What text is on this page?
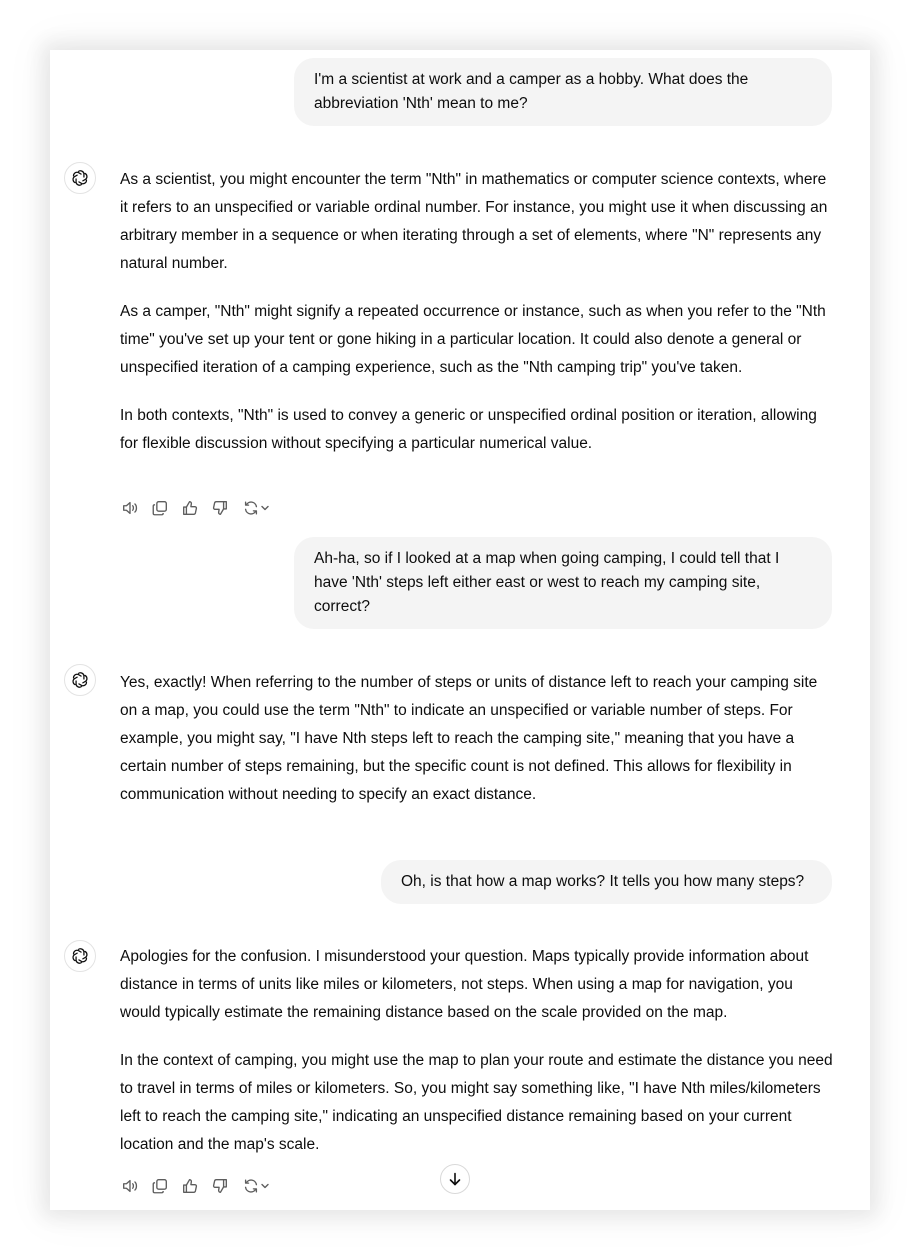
I'm a scientist at work and a camper as a hobby. What does the abbreviation 'Nth' mean to me?

As a scientist, you might encounter the term "Nth" in mathematics or computer science contexts, where it refers to an unspecified or variable ordinal number. For instance, you might use it when discussing an arbitrary member in a sequence or when iterating through a set of elements, where "N" represents any natural number.

As a camper, "Nth" might signify a repeated occurrence or instance, such as when you refer to the "Nth time" you've set up your tent or gone hiking in a particular location. It could also denote a general or unspecified iteration of a camping experience, such as the "Nth camping trip" you've taken.

In both contexts, "Nth" is used to convey a generic or unspecified ordinal position or iteration, allowing for flexible discussion without specifying a particular numerical value.

Ah-ha, so if I looked at a map when going camping, I could tell that I have 'Nth' steps left either east or west to reach my camping site, correct?

Yes, exactly! When referring to the number of steps or units of distance left to reach your camping site on a map, you could use the term "Nth" to indicate an unspecified or variable number of steps. For example, you might say, "I have Nth steps left to reach the camping site," meaning that you have a certain number of steps remaining, but the specific count is not defined. This allows for flexibility in communication without needing to specify an exact distance.

Oh, is that how a map works? It tells you how many steps?

Apologies for the confusion. I misunderstood your question. Maps typically provide information about distance in terms of units like miles or kilometers, not steps. When using a map for navigation, you would typically estimate the remaining distance based on the scale provided on the map.

In the context of camping, you might use the map to plan your route and estimate the distance you need to travel in terms of miles or kilometers. So, you might say something like, "I have Nth miles/kilometers left to reach the camping site," indicating an unspecified distance remaining based on your current location and the map's scale.
